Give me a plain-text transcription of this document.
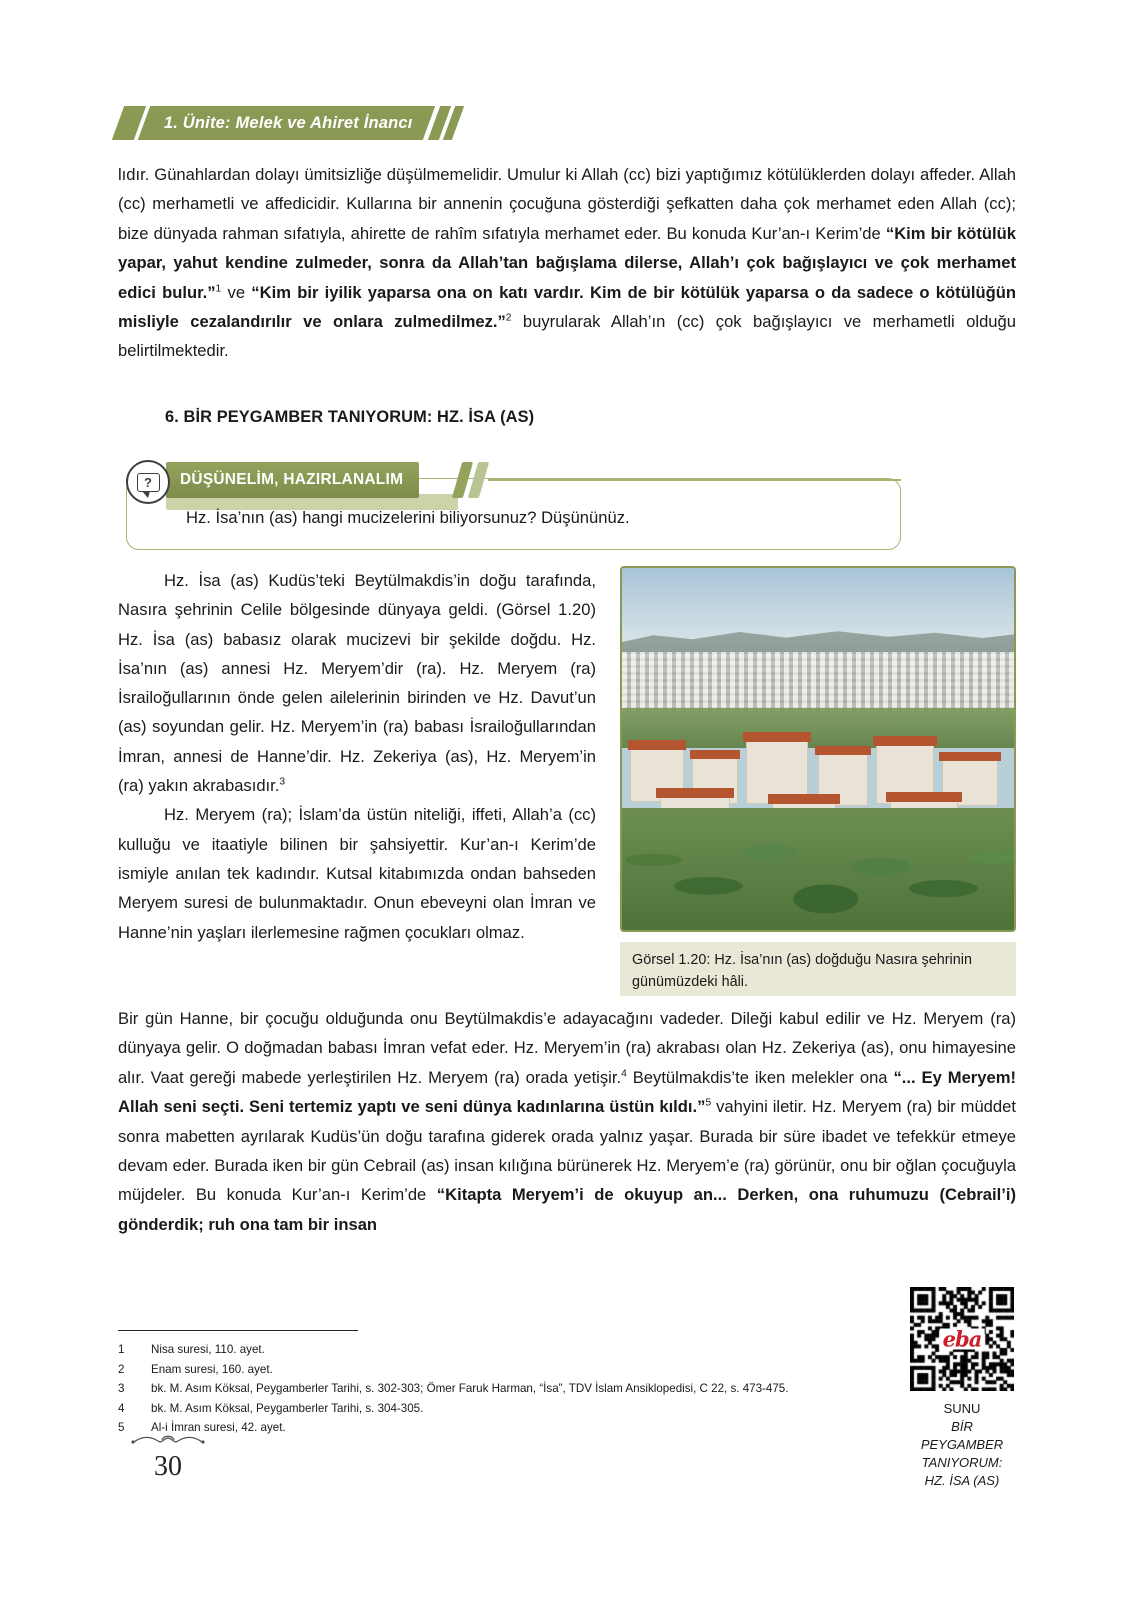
1. Ünite: Melek ve Ahiret İnancı

lıdır. Günahlardan dolayı ümitsizliğe düşülmemelidir. Umulur ki Allah (cc) bizi yaptığımız kötülüklerden dolayı affeder. Allah (cc) merhametli ve affedicidir. Kullarına bir annenin çocuğuna gösterdiği şefkatten daha çok merhamet eden Allah (cc); bize dünyada rahman sıfatıyla, ahirette de rahîm sıfatıyla merhamet eder. Bu konuda Kur’an-ı Kerim’de “Kim bir kötülük yapar, yahut kendine zulmeder, sonra da Allah’tan bağışlama dilerse, Allah’ı çok bağışlayıcı ve çok merhamet edici bulur.”$^1$ ve “Kim bir iyilik yaparsa ona on katı vardır. Kim de bir kötülük yaparsa o da sadece o kötülüğün misliyle cezalandırılır ve onlara zulmedilmez.”$^2$ buyrularak Allah’ın (cc) çok bağışlayıcı ve merhametli olduğu belirtilmektedir.

6. BİR PEYGAMBER TANIYORUM: HZ. İSA (AS)
DÜŞÜNELİM, HAZIRLANALIM
?
Hz. İsa’nın (as) hangi mucizelerini biliyorsunuz? Düşününüz.

Hz. İsa (as) Kudüs’teki Beytülmakdis’in doğu tarafında, Nasıra şehrinin Celile bölgesinde dünyaya geldi. (Görsel 1.20) Hz. İsa (as) babasız olarak mucizevi bir şekilde doğdu. Hz. İsa’nın (as) annesi Hz. Meryem’dir (ra). Hz. Meryem (ra) İsrailoğullarının önde gelen ailelerinin birinden ve Hz. Davut’un (as) soyundan gelir. Hz. Meryem’in (ra) babası İsrailoğullarından İmran, annesi de Hanne’dir. Hz. Zekeriya (as), Hz. Meryem’in (ra) yakın akrabasıdır.$^3$

Hz. Meryem (ra); İslam’da üstün niteliği, iffeti, Allah’a (cc) kulluğu ve itaatiyle bilinen bir şahsiyettir. Kur’an-ı Kerim’de ismiyle anılan tek kadındır. Kutsal kitabımızda ondan bahseden Meryem suresi de bulunmaktadır. Onun ebeveyni olan İmran ve Hanne’nin yaşları ilerlemesine rağmen çocukları olmaz.

Görsel 1.20: Hz. İsa’nın (as) doğduğu Nasıra şehrinin günümüzdeki hâli.

Bir gün Hanne, bir çocuğu olduğunda onu Beytülmakdis’e adayacağını vadeder. Dileği kabul edilir ve Hz. Meryem (ra) dünyaya gelir. O doğmadan babası İmran vefat eder. Hz. Meryem’in (ra) akrabası olan Hz. Zekeriya (as), onu himayesine alır. Vaat gereği mabede yerleştirilen Hz. Meryem (ra) orada yetişir.$^4$ Beytülmakdis’te iken melekler ona “... Ey Meryem! Allah seni seçti. Seni tertemiz yaptı ve seni dünya kadınlarına üstün kıldı.”$^5$ vahyini iletir. Hz. Meryem (ra) bir müddet sonra mabetten ayrılarak Kudüs’ün doğu tarafına giderek orada yalnız yaşar. Burada bir süre ibadet ve tefekkür etmeye devam eder. Burada iken bir gün Cebrail (as) insan kılığına bürünerek Hz. Meryem’e (ra) görünür, onu bir oğlan çocuğuyla müjdeler. Bu konuda Kur’an-ı Kerim’de “Kitapta Meryem’i de okuyup an... Derken, ona ruhumuzu (Cebrail’i) gönderdik; ruh ona tam bir insan

1	Nisa suresi, 110. ayet.
2	Enam suresi, 160. ayet.
3	bk. M. Asım Köksal, Peygamberler Tarihi, s. 302-303; Ömer Faruk Harman, “İsa”, TDV İslam Ansiklopedisi, C 22, s. 473-475.
4	bk. M. Asım Köksal, Peygamberler Tarihi, s. 304-305.
5	Al-i İmran suresi, 42. ayet.
eba
SUNU
BİR PEYGAMBER
TANIYORUM:
HZ. İSA (AS)
30
